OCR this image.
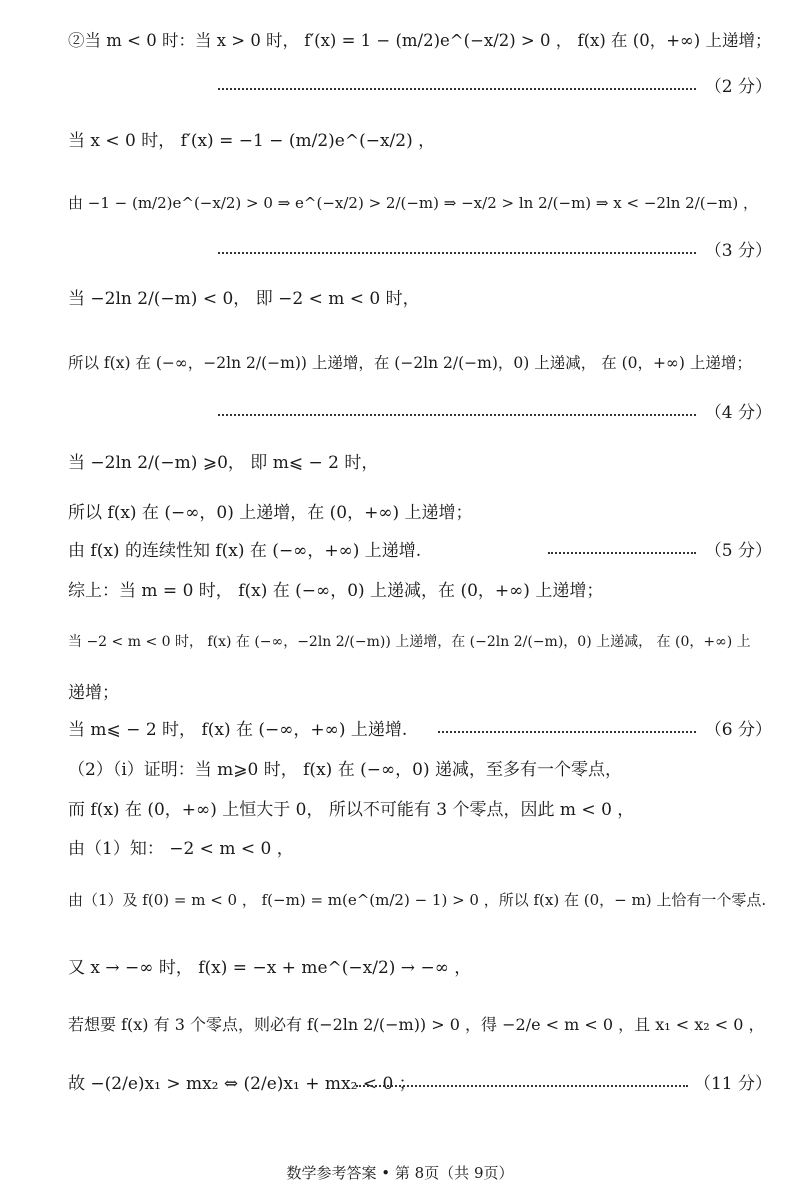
②当 m < 0 时：当 x > 0 时， f′(x) = 1 − (m/2)e^(−x/2) > 0 ， f(x) 在 (0，+∞) 上递增；
（2 分）
当 x < 0 时， f′(x) = −1 − (m/2)e^(−x/2) ，
由 −1 − (m/2)e^(−x/2) > 0 ⇒ e^(−x/2) > 2/(−m) ⇒ −x/2 > ln 2/(−m) ⇒ x < −2ln 2/(−m) ，
（3 分）
当 −2ln 2/(−m) < 0， 即 −2 < m < 0 时，
所以 f(x) 在 (−∞，−2ln 2/(−m)) 上递增，在 (−2ln 2/(−m)，0) 上递减， 在 (0，+∞) 上递增；
（4 分）
当 −2ln 2/(−m) ⩾0， 即 m⩽ − 2 时，
所以 f(x) 在 (−∞，0) 上递增，在 (0，+∞) 上递增；
由 f(x) 的连续性知 f(x) 在 (−∞，+∞) 上递增.	（5 分）
综上：当 m = 0 时， f(x) 在 (−∞，0) 上递减，在 (0，+∞) 上递增；
当 −2 < m < 0 时， f(x) 在 (−∞，−2ln 2/(−m)) 上递增，在 (−2ln 2/(−m)，0) 上递减， 在 (0，+∞) 上
递增；
当 m⩽ − 2 时， f(x) 在 (−∞，+∞) 上递增.	（6 分）
（2）（i）证明：当 m⩾0 时， f(x) 在 (−∞，0) 递减，至多有一个零点，
而 f(x) 在 (0，+∞) 上恒大于 0， 所以不可能有 3 个零点，因此 m < 0 ，
由（1）知： −2 < m < 0 ，
由（1）及 f(0) = m < 0 ， f(−m) = m(e^(m/2) − 1) > 0 ，所以 f(x) 在 (0，− m) 上恰有一个零点.
又 x → −∞ 时， f(x) = −x + me^(−x/2) → −∞ ，
若想要 f(x) 有 3 个零点，则必有 f(−2ln 2/(−m)) > 0 ，得 −2/e < m < 0 ，且 x₁ < x₂ < 0 ，
故 −(2/e)x₁ > mx₂ ⇔ (2/e)x₁ + mx₂ < 0 ；	（11 分）
数学参考答案 • 第 8页（共 9页）
